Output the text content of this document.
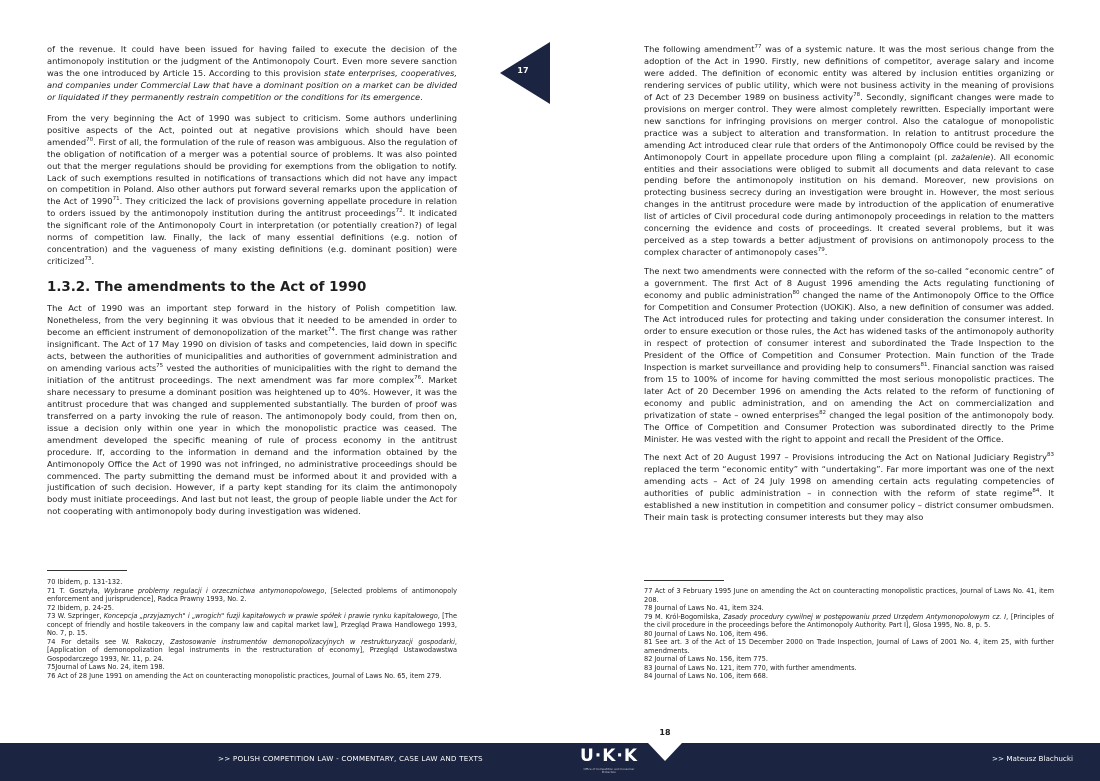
of the revenue. It could have been issued for having failed to execute the decision of the antimonopoly institution or the judgment of the Antimonopoly Court. Even more severe sanction was the one introduced by Article 15. According to this provision state enterprises, cooperatives, and companies under Commercial Law that have a dominant position on a market can be divided or liquidated if they permanently restrain competition or the conditions for its emergence.

From the very beginning the Act of 1990 was subject to criticism. Some authors underlining positive aspects of the Act, pointed out at negative provisions which should have been amended$^{70}$. First of all, the formulation of the rule of reason was ambiguous. Also the regulation of the obligation of notification of a merger was a potential source of problems. It was also pointed out that the merger regulations should be providing for exemptions from the obligation to notify. Lack of such exemptions resulted in notifications of transactions which did not have any impact on competition in Poland. Also other authors put forward several remarks upon the application of the Act of 1990$^{71}$. They criticized the lack of provisions governing appellate procedure in relation to orders issued by the antimonopoly institution during the antitrust proceedings$^{72}$. It indicated the significant role of the Antimonopoly Court in interpretation (or potentially creation?) of legal norms of competition law. Finally, the lack of many essential definitions (e.g. notion of concentration) and the vagueness of many existing definitions (e.g. dominant position) were criticized$^{73}$.

1.3.2. The amendments to the Act of 1990

The Act of 1990 was an important step forward in the history of Polish competition law. Nonetheless, from the very beginning it was obvious that it needed to be amended in order to become an efficient instrument of demonopolization of the market$^{74}$. The first change was rather insignificant. The Act of 17 May 1990 on division of tasks and competencies, laid down in specific acts, between the authorities of municipalities and authorities of government administration and on amending various acts$^{75}$ vested the authorities of municipalities with the right to demand the initiation of the antitrust proceedings. The next amendment was far more complex$^{76}$. Market share necessary to presume a dominant position was heightened up to 40%. However, it was the antitrust procedure that was changed and supplemented substantially. The burden of proof was transferred on a party invoking the rule of reason. The antimonopoly body could, from then on, issue a decision only within one year in which the monopolistic practice was ceased. The amendment developed the specific meaning of rule of process economy in the antitrust procedure. If, according to the information in demand and the information obtained by the Antimonopoly Office the Act of 1990 was not infringed, no administrative proceedings should be commenced. The party submitting the demand must be informed about it and provided with a justification of such decision. However, if a party kept standing for its claim the antimonopoly body must initiate proceedings. And last but not least, the group of people liable under the Act for not cooperating with antimonopoly body during investigation was widened.

70 Ibidem, p. 131-132.
71 T. Gosztyła, Wybrane problemy regulacji i orzecznictwa antymonopolowego, [Selected problems of antimonopoly enforcement and jurisprudence], Radca Prawny 1993, No. 2.
72 Ibidem, p. 24-25.
73 W. Szpringer, Koncepcja „przyjaznych" i „wrogich" fuzji kapitałowych w prawie spółek i prawie rynku kapitałowego, [The concept of friendly and hostile takeovers in the company law and capital market law], Przegląd Prawa Handlowego 1993, No. 7, p. 15.
74 For details see W. Rakoczy, Zastosowanie instrumentów demonopolizacyjnych w restrukturyzacji gospodarki, [Application of demonopolization legal instruments in the restructuration of economy], Przegląd Ustawodawstwa Gospodarczego 1993, Nr. 11, p. 24.
75Journal of Laws No. 24, item 198.
76 Act of 28 June 1991 on amending the Act on counteracting monopolistic practices, Journal of Laws No. 65, item 279.
17

The following amendment$^{77}$ was of a systemic nature. It was the most serious change from the adoption of the Act in 1990. Firstly, new definitions of competitor, average salary and income were added. The definition of economic entity was altered by inclusion entities organizing or rendering services of public utility, which were not business activity in the meaning of provisions of Act of 23 December 1989 on business activity$^{78}$. Secondly, significant changes were made to provisions on merger control. They were almost completely rewritten. Especially important were new sanctions for infringing provisions on merger control. Also the catalogue of monopolistic practice was a subject to alteration and transformation. In relation to antitrust procedure the amending Act introduced clear rule that orders of the Antimonopoly Office could be revised by the Antimonopoly Court in appellate procedure upon filing a complaint (pl. zażalenie). All economic entities and their associations were obliged to submit all documents and data relevant to case pending before the antimonopoly institution on his demand. Moreover, new provisions on protecting business secrecy during an investigation were brought in. However, the most serious changes in the antitrust procedure were made by introduction of the application of enumerative list of articles of Civil procedural code during antimonopoly proceedings in relation to the matters concerning the evidence and costs of proceedings. It created several problems, but it was perceived as a step towards a better adjustment of provisions on antimonopoly process to the complex character of antimonopoly cases$^{79}$.

The next two amendments were connected with the reform of the so-called “economic centre” of a government. The first Act of 8 August 1996 amending the Acts regulating functioning of economy and public administration$^{80}$ changed the name of the Antimonopoly Office to the Office for Competition and Consumer Protection (UOKiK). Also, a new definition of consumer was added. The Act introduced rules for protecting and taking under consideration the consumer interest. In order to ensure execution or those rules, the Act has widened tasks of the antimonopoly authority in respect of protection of consumer interest and subordinated the Trade Inspection to the President of the Office of Competition and Consumer Protection. Main function of the Trade Inspection is market surveillance and providing help to consumers$^{81}$. Financial sanction was raised from 15 to 100% of income for having committed the most serious monopolistic practices. The later Act of 20 December 1996 on amending the Acts related to the reform of functioning of economy and public administration, and on amending the Act on commercialization and privatization of state – owned enterprises$^{82}$ changed the legal position of the antimonopoly body. The Office of Competition and Consumer Protection was subordinated directly to the Prime Minister. He was vested with the right to appoint and recall the President of the Office.

The next Act of 20 August 1997 – Provisions introducing the Act on National Judiciary Registry$^{83}$ replaced the term “economic entity” with “undertaking”. Far more important was one of the next amending acts – Act of 24 July 1998 on amending certain acts regulating competencies of authorities of public administration – in connection with the reform of state regime$^{84}$. It established a new institution in competition and consumer policy – district consumer ombudsmen. Their main task is protecting consumer interests but they may also

77 Act of 3 February 1995 June on amending the Act on counteracting monopolistic practices, Journal of Laws No. 41, item 208.
78 Journal of Laws No. 41, item 324.
79 M. Król-Bogomilska, Zasady procedury cywilnej w postępowaniu przed Urzędem Antymonopolowym cz. I, [Principles of the civil procedure in the proceedings before the Antimonopoly Authority. Part I], Glosa 1995, No. 8, p. 5.
80 Journal of Laws No. 106, item 496.
81 See art. 3 of the Act of 15 December 2000 on Trade Inspection, Journal of Laws of 2001 No. 4, item 25, with further amendments.
82 Journal of Laws No. 156, item 775.
83 Journal of Laws No. 121, item 770, with further amendments.
84 Journal of Laws No. 106, item 668.
18
>> POLISH COMPETITION LAW - COMMENTARY, CASE LAW AND TEXTS	U·K·K
Office of Competition and Consumer Protection
>> Mateusz Blachucki
